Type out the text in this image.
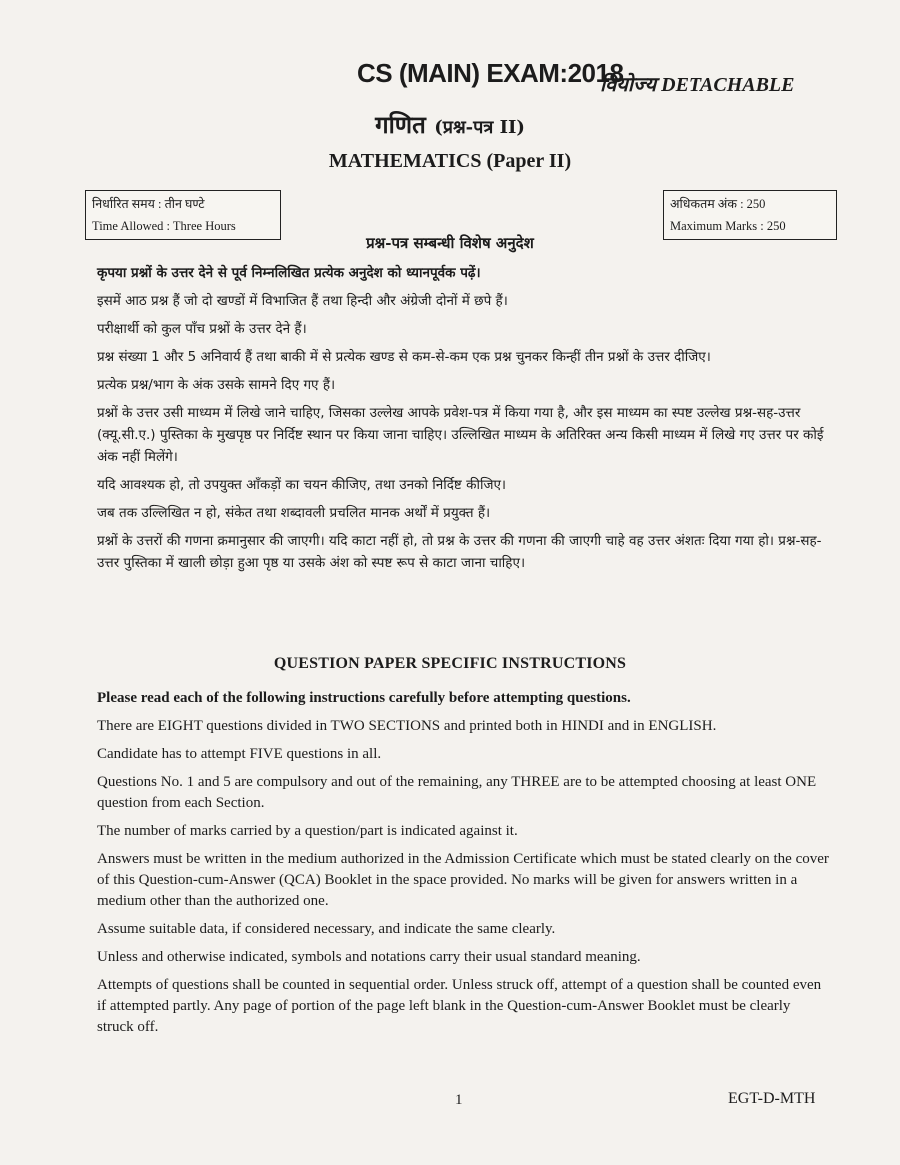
CS (MAIN) EXAM:2018
वियोज्य DETACHABLE
गणित (प्रश्न-पत्र II)
MATHEMATICS (Paper II)
निर्धारित समय : तीन घण्टे
Time Allowed : Three Hours
अधिकतम अंक : 250
Maximum Marks : 250
प्रश्न-पत्र सम्बन्धी विशेष अनुदेश

कृपया प्रश्नों के उत्तर देने से पूर्व निम्नलिखित प्रत्येक अनुदेश को ध्यानपूर्वक पढ़ें।

इसमें आठ प्रश्न हैं जो दो खण्डों में विभाजित हैं तथा हिन्दी और अंग्रेजी दोनों में छपे हैं।

परीक्षार्थी को कुल पाँच प्रश्नों के उत्तर देने हैं।

प्रश्न संख्या 1 और 5 अनिवार्य हैं तथा बाकी में से प्रत्येक खण्ड से कम-से-कम एक प्रश्न चुनकर किन्हीं तीन प्रश्नों के उत्तर दीजिए।

प्रत्येक प्रश्न/भाग के अंक उसके सामने दिए गए हैं।

प्रश्नों के उत्तर उसी माध्यम में लिखे जाने चाहिए, जिसका उल्लेख आपके प्रवेश-पत्र में किया गया है, और इस माध्यम का स्पष्ट उल्लेख प्रश्न-सह-उत्तर (क्यू.सी.ए.) पुस्तिका के मुखपृष्ठ पर निर्दिष्ट स्थान पर किया जाना चाहिए। उल्लिखित माध्यम के अतिरिक्त अन्य किसी माध्यम में लिखे गए उत्तर पर कोई अंक नहीं मिलेंगे।

यदि आवश्यक हो, तो उपयुक्त आँकड़ों का चयन कीजिए, तथा उनको निर्दिष्ट कीजिए।

जब तक उल्लिखित न हो, संकेत तथा शब्दावली प्रचलित मानक अर्थों में प्रयुक्त हैं।

प्रश्नों के उत्तरों की गणना क्रमानुसार की जाएगी। यदि काटा नहीं हो, तो प्रश्न के उत्तर की गणना की जाएगी चाहे वह उत्तर अंशतः दिया गया हो। प्रश्न-सह-उत्तर पुस्तिका में खाली छोड़ा हुआ पृष्ठ या उसके अंश को स्पष्ट रूप से काटा जाना चाहिए।

QUESTION PAPER SPECIFIC INSTRUCTIONS

Please read each of the following instructions carefully before attempting questions.

There are EIGHT questions divided in TWO SECTIONS and printed both in HINDI and in ENGLISH.

Candidate has to attempt FIVE questions in all.

Questions No. 1 and 5 are compulsory and out of the remaining, any THREE are to be attempted choosing at least ONE question from each Section.

The number of marks carried by a question/part is indicated against it.

Answers must be written in the medium authorized in the Admission Certificate which must be stated clearly on the cover of this Question-cum-Answer (QCA) Booklet in the space provided. No marks will be given for answers written in a medium other than the authorized one.

Assume suitable data, if considered necessary, and indicate the same clearly.

Unless and otherwise indicated, symbols and notations carry their usual standard meaning.

Attempts of questions shall be counted in sequential order. Unless struck off, attempt of a question shall be counted even if attempted partly. Any page of portion of the page left blank in the Question-cum-Answer Booklet must be clearly struck off.

1	EGT-D-MTH
